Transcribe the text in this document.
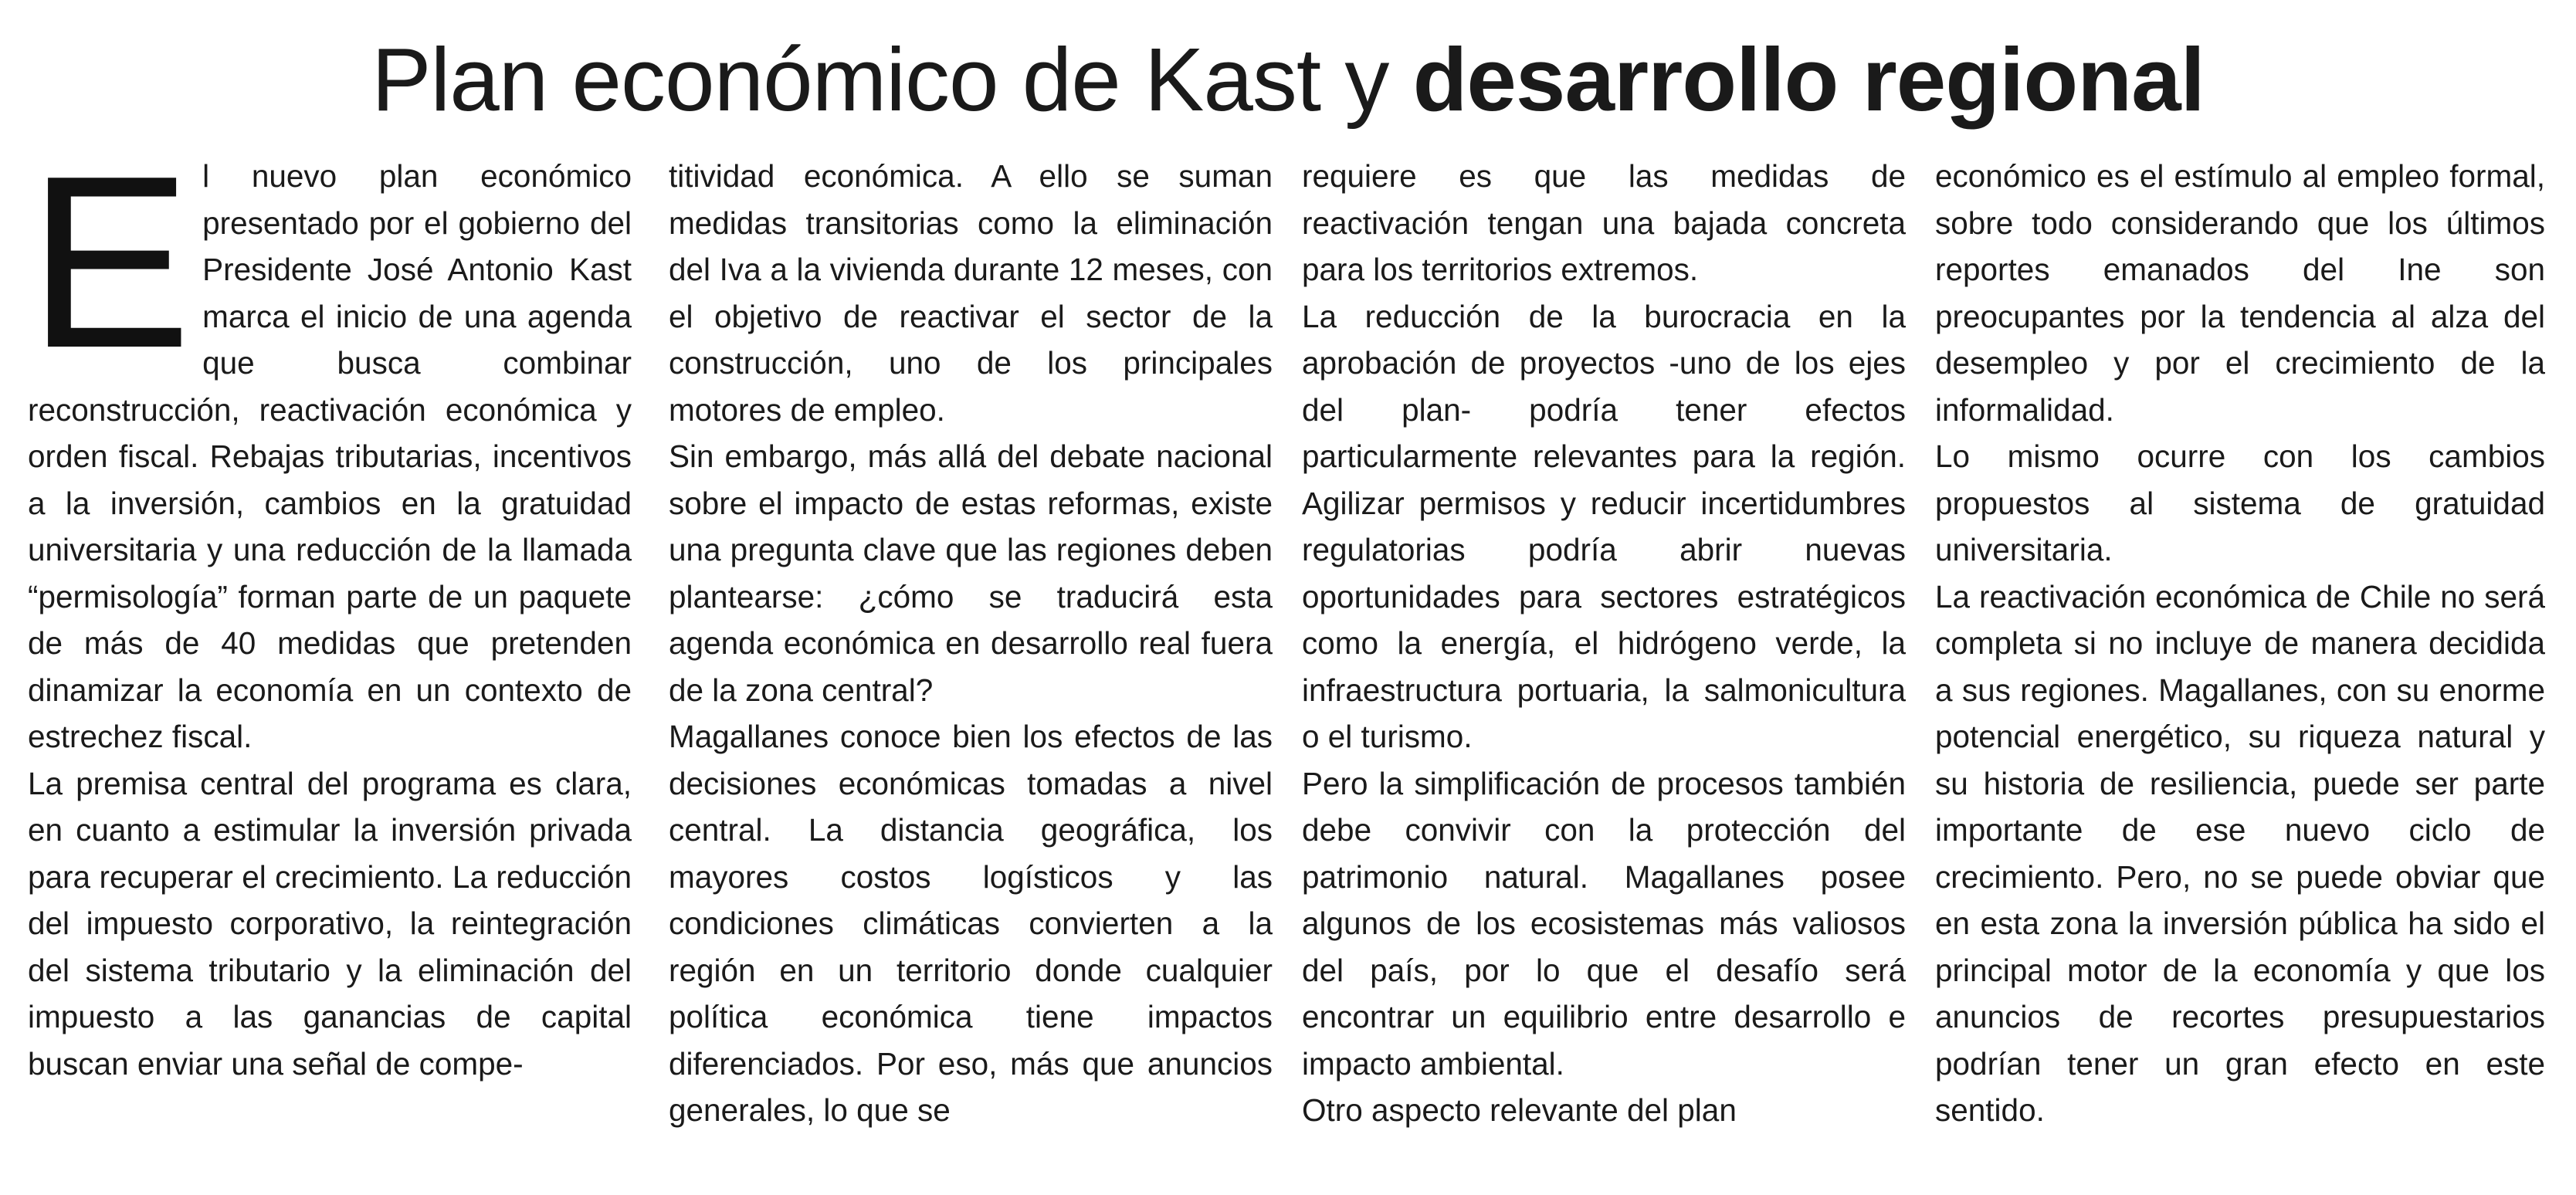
Plan económico de Kast y desarrollo regional
E l nuevo plan económico presentado por el gobierno del Presidente José Antonio Kast marca el inicio de una agenda que busca combinar reconstrucción, reactivación económica y orden fiscal. Rebajas tributarias, incentivos a la inversión, cambios en la gratuidad universitaria y una reducción de la llamada “permisología” forman parte de un paquete de más de 40 medidas que pretenden dinamizar la economía en un contexto de estrechez fiscal.

La premisa central del programa es clara, en cuanto a estimular la inversión privada para recuperar el crecimiento. La reducción del impuesto corporativo, la reintegración del sistema tributario y la eliminación del impuesto a las ganancias de capital buscan enviar una señal de compe-

titividad económica. A ello se suman medidas transitorias como la eliminación del Iva a la vivienda durante 12 meses, con el objetivo de reactivar el sector de la construcción, uno de los principales motores de empleo.

Sin embargo, más allá del debate nacional sobre el impacto de estas reformas, existe una pregunta clave que las regiones deben plantearse: ¿cómo se traducirá esta agenda económica en desarrollo real fuera de la zona central?

Magallanes conoce bien los efectos de las decisiones económicas tomadas a nivel central. La distancia geográfica, los mayores costos logísticos y las condiciones climáticas convierten a la región en un territorio donde cualquier política económica tiene impactos diferenciados. Por eso, más que anuncios generales, lo que se

requiere es que las medidas de reactivación tengan una bajada concreta para los territorios extremos.

La reducción de la burocracia en la aprobación de proyectos -uno de los ejes del plan- podría tener efectos particularmente relevantes para la región. Agilizar permisos y reducir incertidumbres regulatorias podría abrir nuevas oportunidades para sectores estratégicos como la energía, el hidrógeno verde, la infraestructura portuaria, la salmonicultura o el turismo.

Pero la simplificación de procesos también debe convivir con la protección del patrimonio natural. Magallanes posee algunos de los ecosistemas más valiosos del país, por lo que el desafío será encontrar un equilibrio entre desarrollo e impacto ambiental.

Otro aspecto relevante del plan

económico es el estímulo al empleo formal, sobre todo considerando que los últimos reportes emanados del Ine son preocupantes por la tendencia al alza del desempleo y por el crecimiento de la informalidad.

Lo mismo ocurre con los cambios propuestos al sistema de gratuidad universitaria.

La reactivación económica de Chile no será completa si no incluye de manera decidida a sus regiones. Magallanes, con su enorme potencial energético, su riqueza natural y su historia de resiliencia, puede ser parte importante de ese nuevo ciclo de crecimiento. Pero, no se puede obviar que en esta zona la inversión pública ha sido el principal motor de la economía y que los anuncios de recortes presupuestarios podrían tener un gran efecto en este sentido.
